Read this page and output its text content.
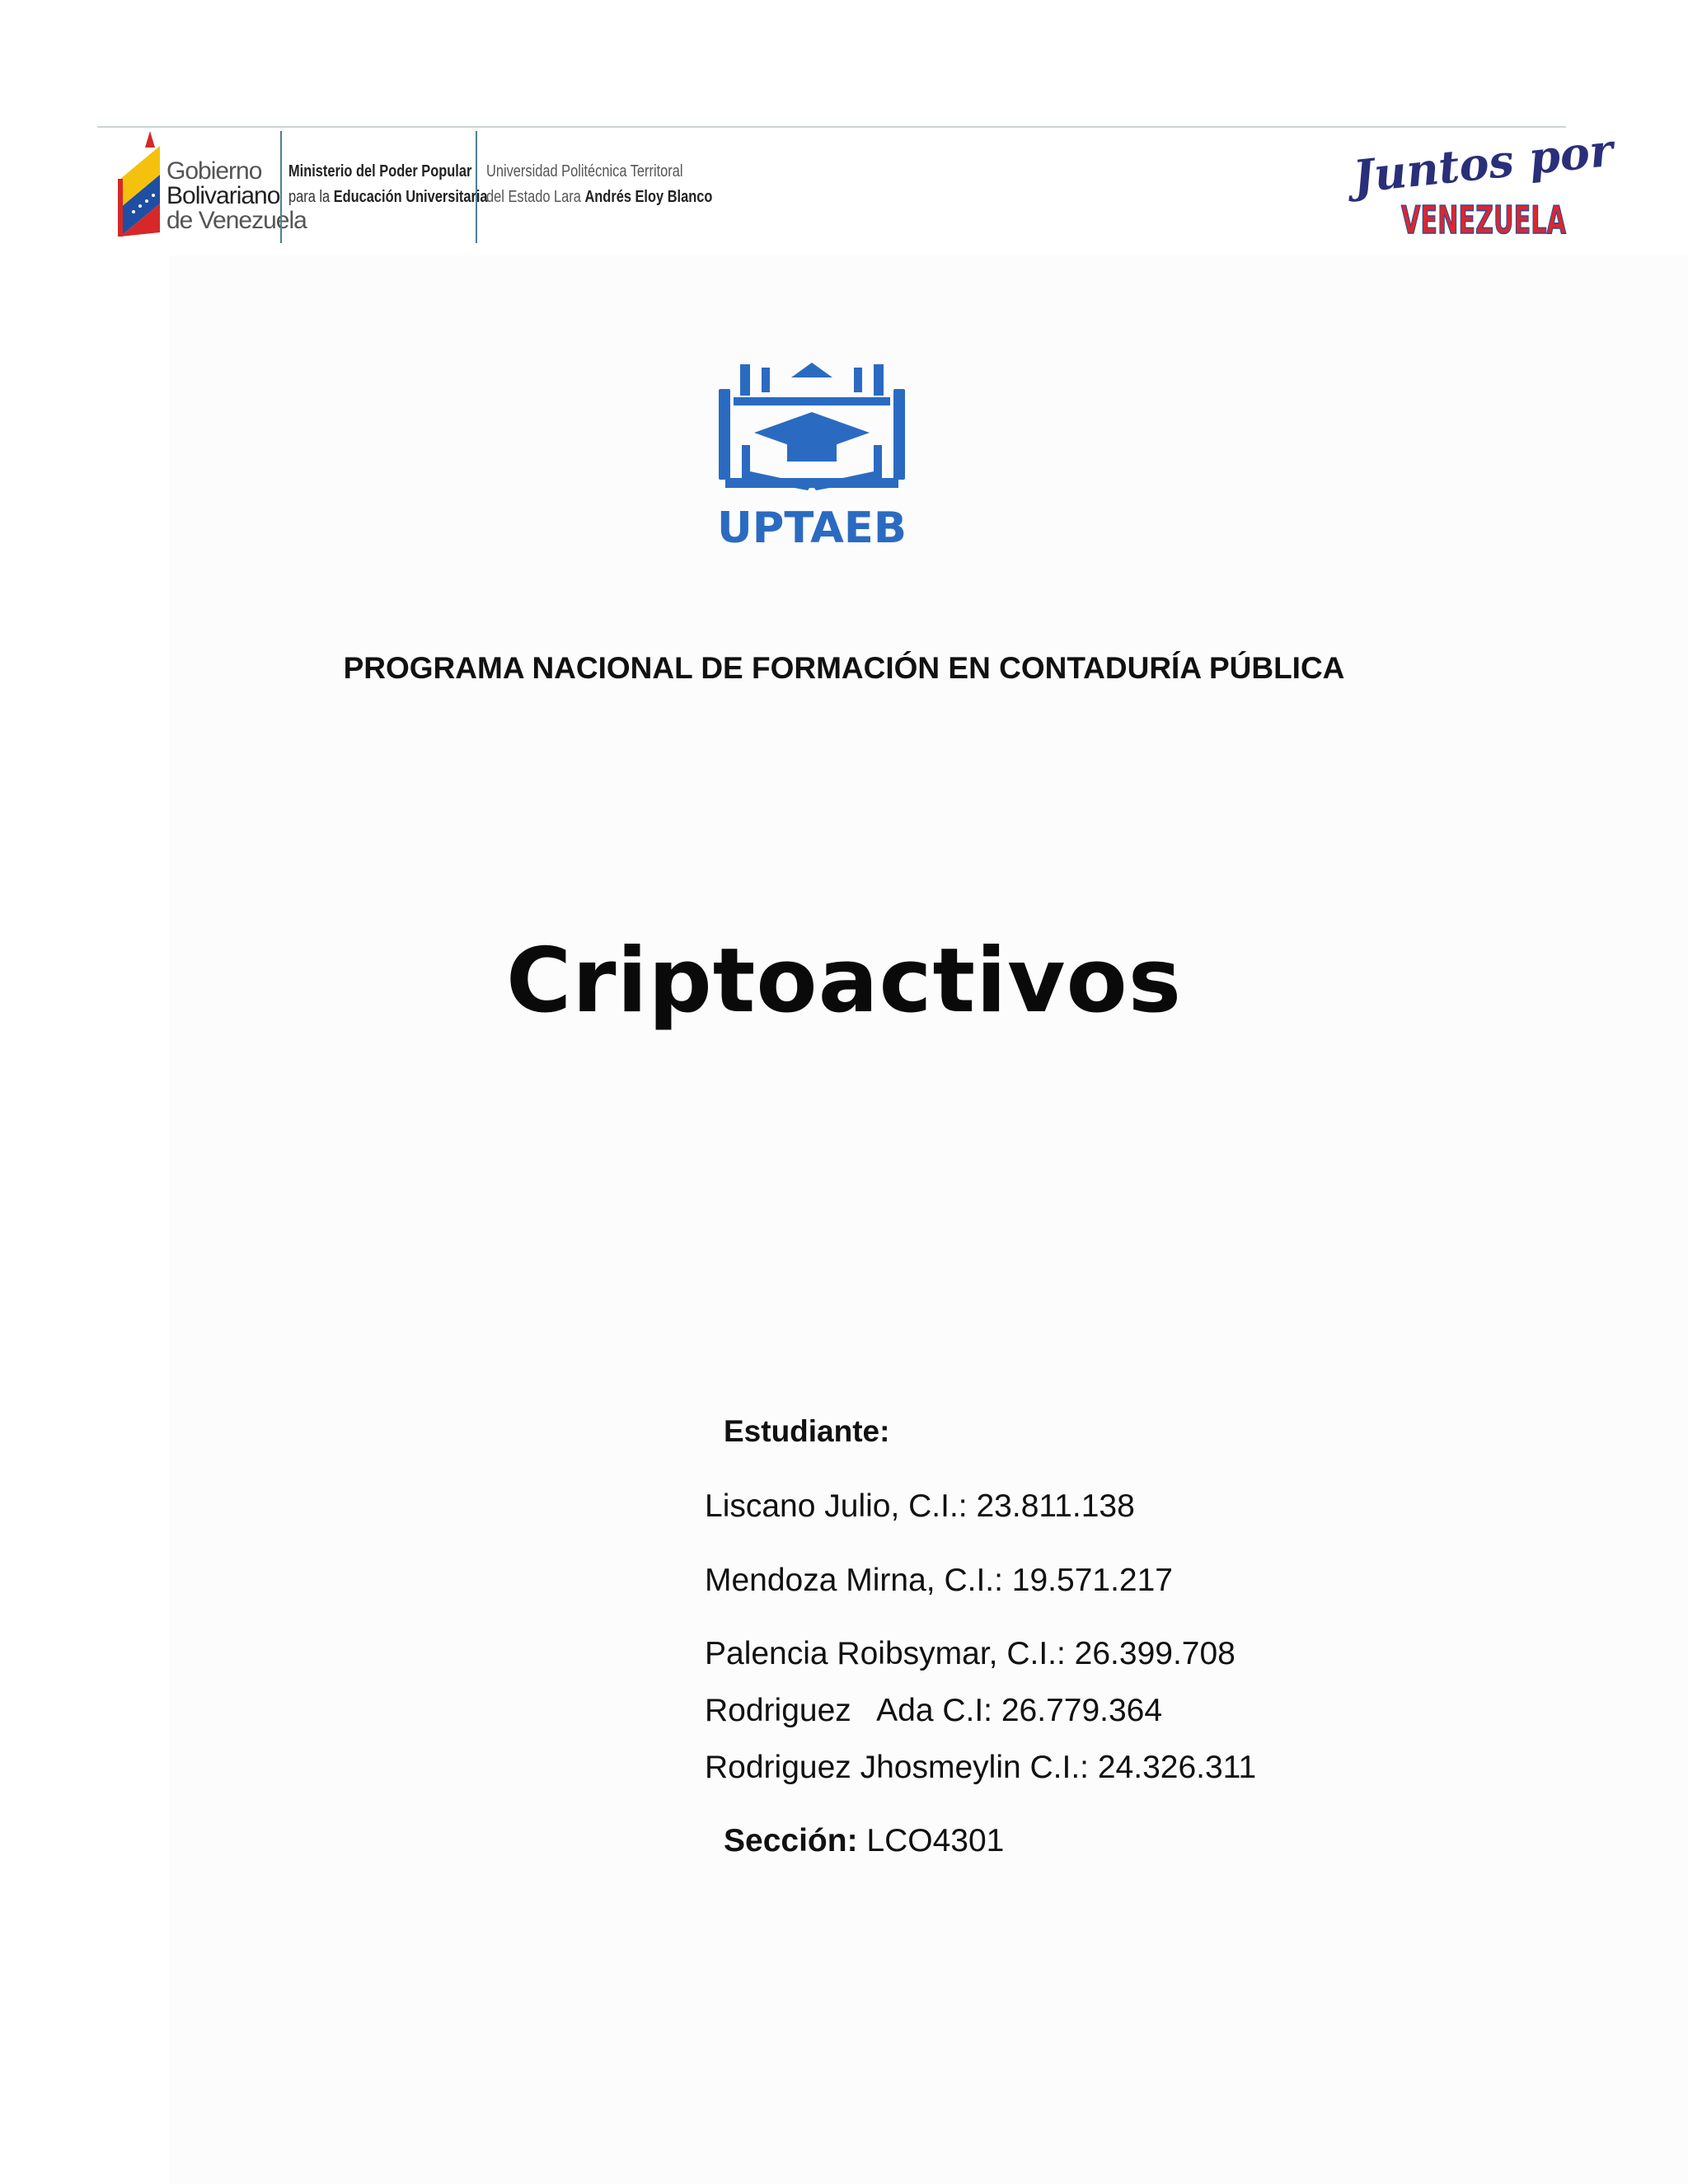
Gobierno
Bolivariano
de Venezuela
Ministerio del Poder Popular
para la Educación Universitaria
Universidad Politécnica Territoral
del Estado Lara Andrés Eloy Blanco	Juntos por
VENEZUELA
UPTAEB
PROGRAMA NACIONAL DE FORMACIÓN EN CONTADURÍA PÚBLICA
Criptoactivos
Estudiante:
Liscano Julio, C.I.: 23.811.138
Mendoza Mirna, C.I.: 19.571.217
Palencia Roibsymar, C.I.: 26.399.708
Rodriguez   Ada C.I: 26.779.364
Rodriguez Jhosmeylin C.I.: 24.326.311
Sección: LCO4301
